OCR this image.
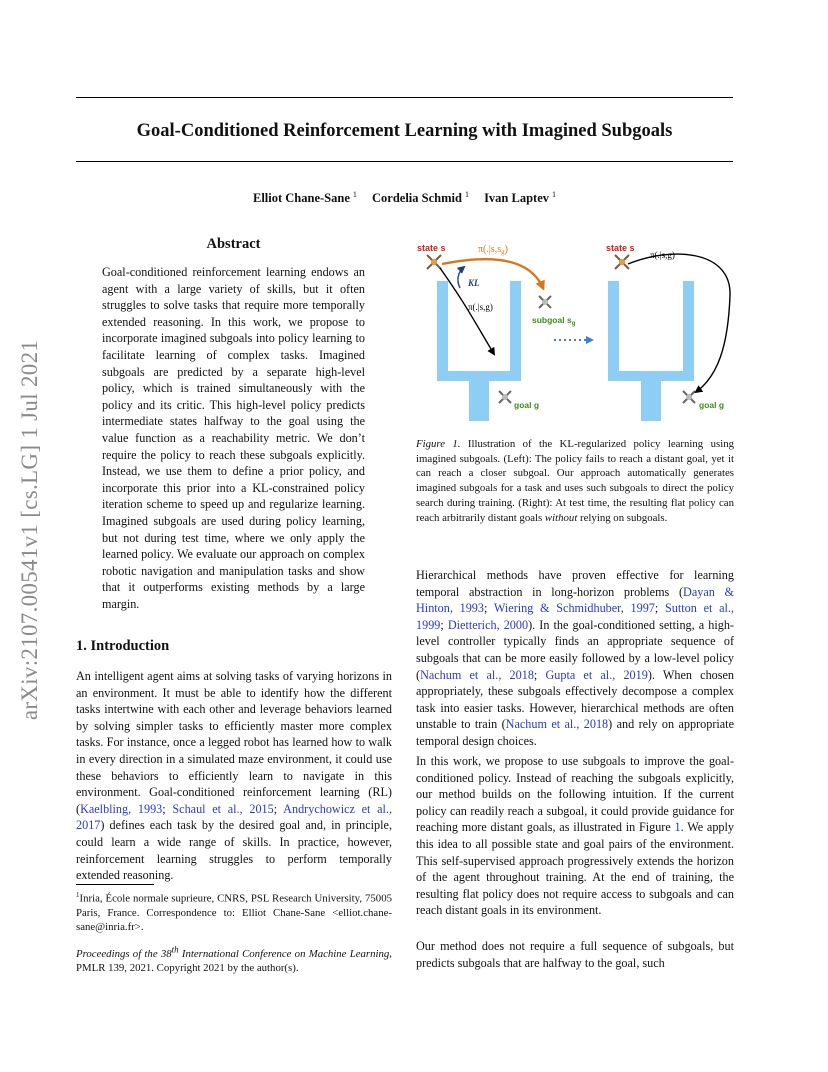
Goal-Conditioned Reinforcement Learning with Imagined Subgoals
Elliot Chane-Sane $^1$ Cordelia Schmid $^1$ Ivan Laptev $^1$
arXiv:2107.00541v1 [cs.LG] 1 Jul 2021
Abstract

Goal-conditioned reinforcement learning endows an agent with a large variety of skills, but it often struggles to solve tasks that require more temporally extended reasoning. In this work, we propose to incorporate imagined subgoals into policy learning to facilitate learning of complex tasks. Imagined subgoals are predicted by a separate high-level policy, which is trained simultaneously with the policy and its critic. This high-level policy predicts intermediate states halfway to the goal using the value function as a reachability metric. We don’t require the policy to reach these subgoals explicitly. Instead, we use them to define a prior policy, and incorporate this prior into a KL-constrained policy iteration scheme to speed up and regularize learning. Imagined subgoals are used during policy learning, but not during test time, where we only apply the learned policy. We evaluate our approach on complex robotic navigation and manipulation tasks and show that it outperforms existing methods by a large margin.

1. Introduction

An intelligent agent aims at solving tasks of varying horizons in an environment. It must be able to identify how the different tasks intertwine with each other and leverage behaviors learned by solving simpler tasks to efficiently master more complex tasks. For instance, once a legged robot has learned how to walk in every direction in a simulated maze environment, it could use these behaviors to efficiently learn to navigate in this environment. Goal-conditioned reinforcement learning (RL) (Kaelbling, 1993; Schaul et al., 2015; Andrychowicz et al., 2017) defines each task by the desired goal and, in principle, could learn a wide range of skills. In practice, however, reinforcement learning struggles to perform temporally extended reasoning.

$^1$Inria, École normale suprieure, CNRS, PSL Research University, 75005 Paris, France. Correspondence to: Elliot Chane-Sane <elliot.chane-sane@inria.fr>.

Proceedings of the 38th International Conference on Machine Learning, PMLR 139, 2021. Copyright 2021 by the author(s).

state s	$\pi(.|s,s_g)$
KL
π(.|s,g)
subgoal $s_g$
goal g
state s
π(.|s,g)
goal g

Figure 1. Illustration of the KL-regularized policy learning using imagined subgoals. (Left): The policy fails to reach a distant goal, yet it can reach a closer subgoal. Our approach automatically generates imagined subgoals for a task and uses such subgoals to direct the policy search during training. (Right): At test time, the resulting flat policy can reach arbitrarily distant goals without relying on subgoals.

Hierarchical methods have proven effective for learning temporal abstraction in long-horizon problems (Dayan & Hinton, 1993; Wiering & Schmidhuber, 1997; Sutton et al., 1999; Dietterich, 2000). In the goal-conditioned setting, a high-level controller typically finds an appropriate sequence of subgoals that can be more easily followed by a low-level policy (Nachum et al., 2018; Gupta et al., 2019). When chosen appropriately, these subgoals effectively decompose a complex task into easier tasks. However, hierarchical methods are often unstable to train (Nachum et al., 2018) and rely on appropriate temporal design choices.

In this work, we propose to use subgoals to improve the goal-conditioned policy. Instead of reaching the subgoals explicitly, our method builds on the following intuition. If the current policy can readily reach a subgoal, it could provide guidance for reaching more distant goals, as illustrated in Figure 1. We apply this idea to all possible state and goal pairs of the environment. This self-supervised approach progressively extends the horizon of the agent throughout training. At the end of training, the resulting flat policy does not require access to subgoals and can reach distant goals in its environment.

Our method does not require a full sequence of subgoals, but predicts subgoals that are halfway to the goal, such
